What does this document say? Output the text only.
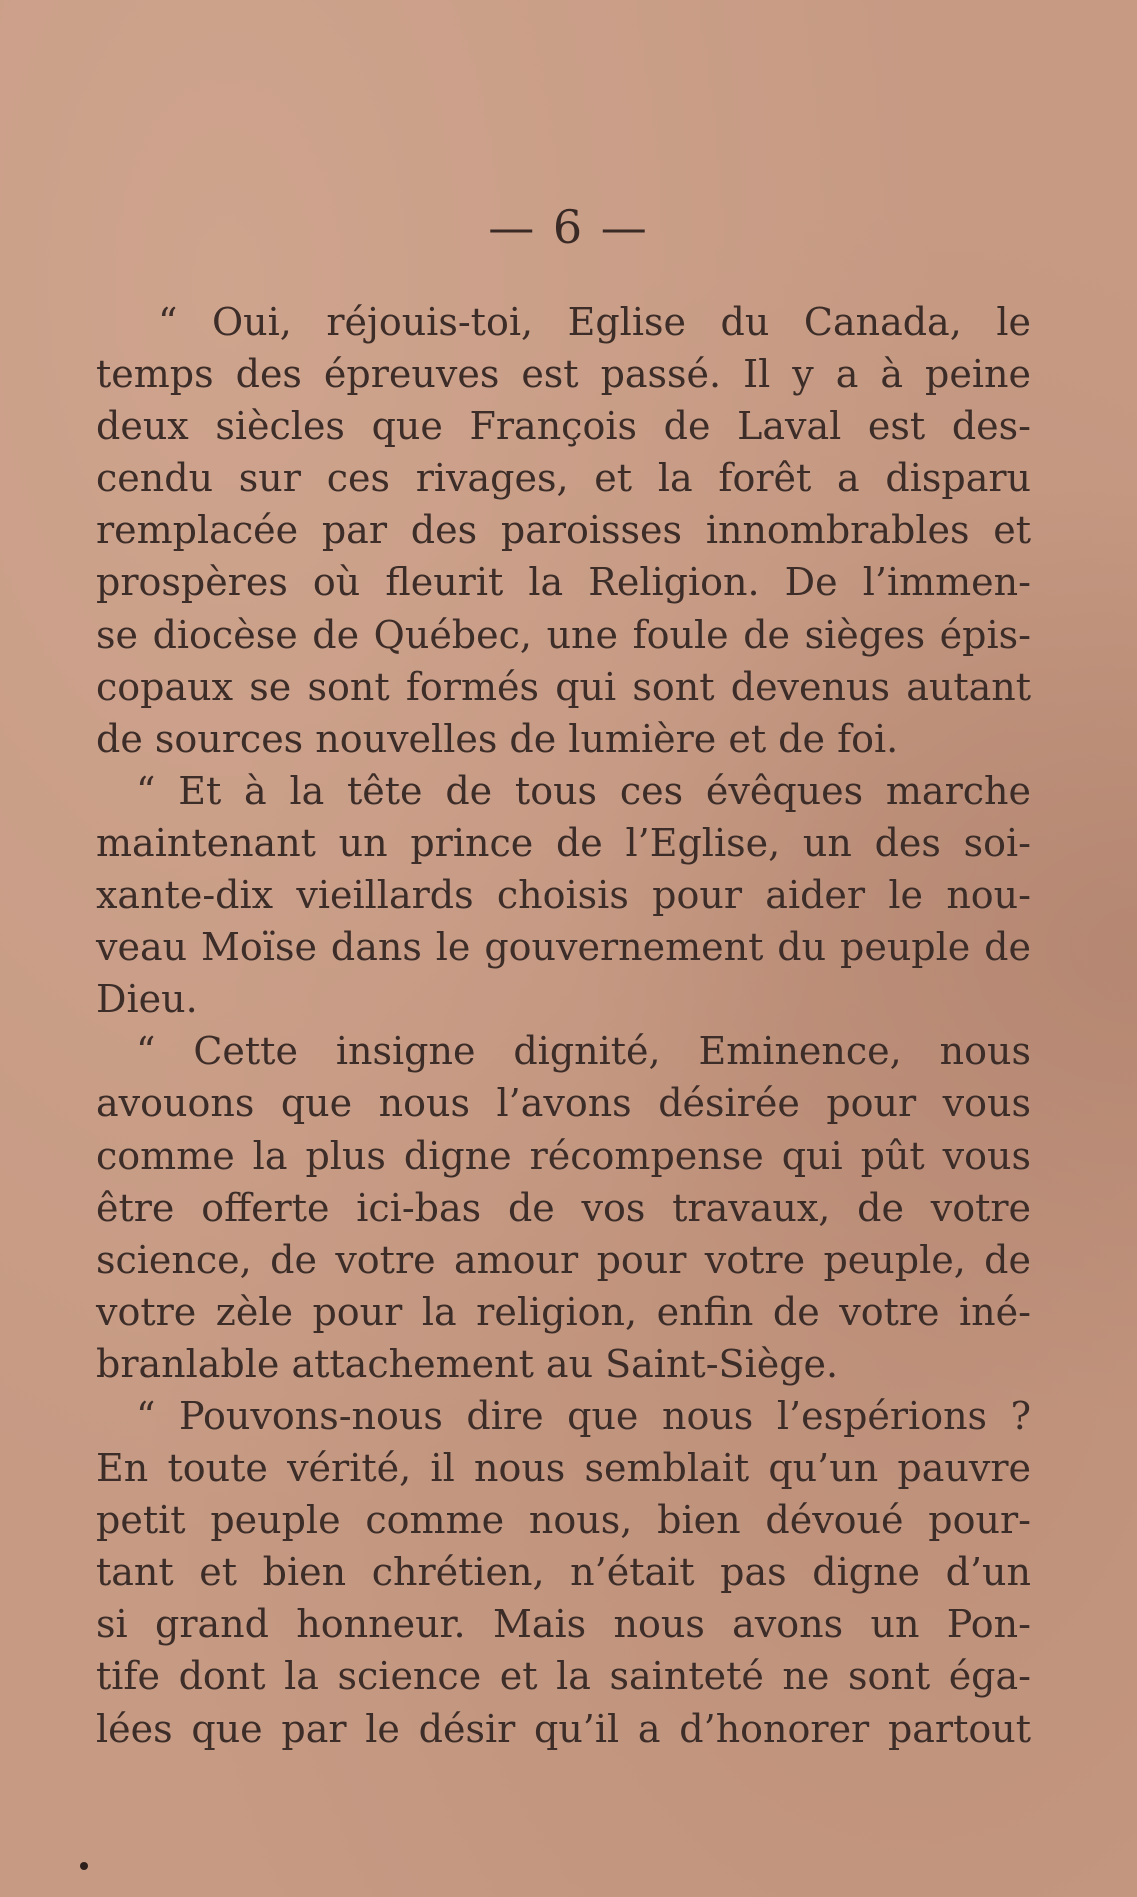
— 6 —
“ Oui, réjouis-toi, Eglise du Canada, le
temps des épreuves est passé. Il y a à peine
deux siècles que François de Laval est des-
cendu sur ces rivages, et la forêt a disparu
remplacée par des paroisses innombrables et
prospères où fleurit la Religion. De l’immen-
se diocèse de Québec, une foule de sièges épis-
copaux se sont formés qui sont devenus autant
de sources nouvelles de lumière et de foi.
“ Et à la tête de tous ces évêques marche
maintenant un prince de l’Eglise, un des soi-
xante-dix vieillards choisis pour aider le nou-
veau Moïse dans le gouvernement du peuple de
Dieu.
“ Cette insigne dignité, Eminence, nous
avouons que nous l’avons désirée pour vous
comme la plus digne récompense qui pût vous
être offerte ici-bas de vos travaux, de votre
science, de votre amour pour votre peuple, de
votre zèle pour la religion, enfin de votre iné-
branlable attachement au Saint-Siège.
“ Pouvons-nous dire que nous l’espérions ?
En toute vérité, il nous semblait qu’un pauvre
petit peuple comme nous, bien dévoué pour-
tant et bien chrétien, n’était pas digne d’un
si grand honneur. Mais nous avons un Pon-
tife dont la science et la sainteté ne sont éga-
lées que par le désir qu’il a d’honorer partout
